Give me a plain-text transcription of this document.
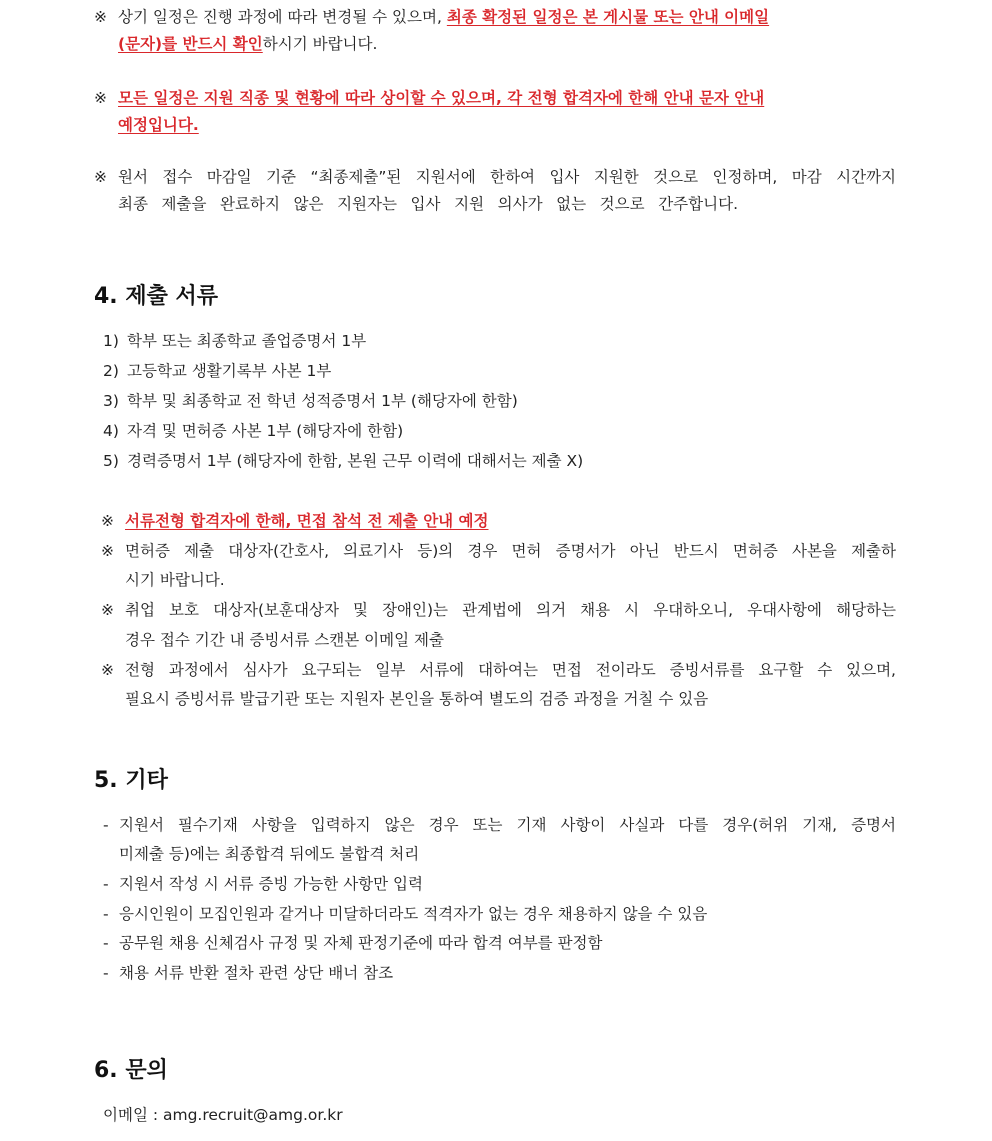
※ 상기 일정은 진행 과정에 따라 변경될 수 있으며, 최종 확정된 일정은 본 게시물 또는 안내 이메일
(문자)를 반드시 확인하시기 바랍니다.
※ 모든 일정은 지원 직종 및 현황에 따라 상이할 수 있으며, 각 전형 합격자에 한해 안내 문자 안내
예정입니다.
※ 원서 접수 마감일 기준 “최종제출”된 지원서에 한하여 입사 지원한 것으로 인정하며, 마감 시간까지
최종 제출을 완료하지 않은 지원자는 입사 지원 의사가 없는 것으로 간주합니다.
4. 제출 서류
1) 학부 또는 최종학교 졸업증명서 1부
2) 고등학교 생활기록부 사본 1부
3) 학부 및 최종학교 전 학년 성적증명서 1부 (해당자에 한함)
4) 자격 및 면허증 사본 1부 (해당자에 한함)
5) 경력증명서 1부 (해당자에 한함, 본원 근무 이력에 대해서는 제출 X)
※ 서류전형 합격자에 한해, 면접 참석 전 제출 안내 예정
※ 면허증 제출 대상자(간호사, 의료기사 등)의 경우 면허 증명서가 아닌 반드시 면허증 사본을 제출하
시기 바랍니다.
※ 취업 보호 대상자(보훈대상자 및 장애인)는 관계법에 의거 채용 시 우대하오니, 우대사항에 해당하는
경우 접수 기간 내 증빙서류 스캔본 이메일 제출
※ 전형 과정에서 심사가 요구되는 일부 서류에 대하여는 면접 전이라도 증빙서류를 요구할 수 있으며,
필요시 증빙서류 발급기관 또는 지원자 본인을 통하여 별도의 검증 과정을 거칠 수 있음
5. 기타
- 지원서 필수기재 사항을 입력하지 않은 경우 또는 기재 사항이 사실과 다를 경우(허위 기재, 증명서
미제출 등)에는 최종합격 뒤에도 불합격 처리
- 지원서 작성 시 서류 증빙 가능한 사항만 입력
- 응시인원이 모집인원과 같거나 미달하더라도 적격자가 없는 경우 채용하지 않을 수 있음
- 공무원 채용 신체검사 규정 및 자체 판정기준에 따라 합격 여부를 판정함
- 채용 서류 반환 절차 관련 상단 배너 참조
6. 문의
이메일 : amg.recruit@amg.or.kr
